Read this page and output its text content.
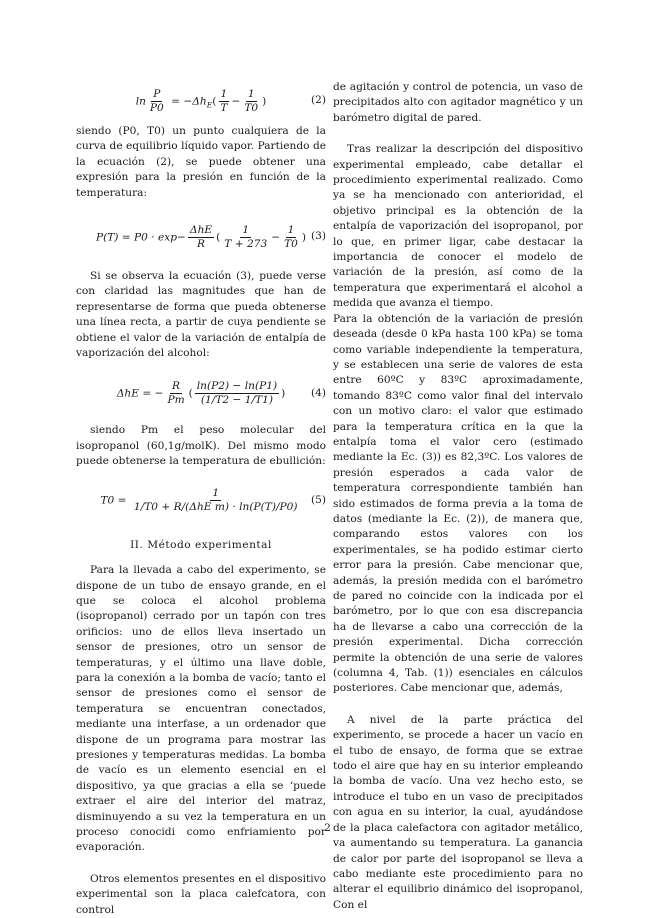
$\ln \frac{P}{P0} = -\Delta h_E( \frac{1}{T} - \frac{1}{T0}$ )	(2)

siendo (P0, T0) un punto cualquiera de la curva de equilibrio líquido vapor. Partiendo de la ecuación (2), se puede obtener una expresión para la presión en función de la temperatura:

$P(T) = P0 \cdot \exp- \frac{\text{ΔhE}}{R}$ ( $\frac{1}{T + 273} - \frac{1}{T0}$ ) (3)

Si se observa la ecuación (3), puede verse con claridad las magnitudes que han de representarse de forma que pueda obtenerse una línea recta, a partir de cuya pendiente se obtiene el valor de la variación de entalpía de vaporización del alcohol:

ΔhE = − $\frac{R}{Pm}$ ( $\frac{\ln(P2) - \ln(P1)}{(1/T2 - 1/T1)}$ ) (4)

siendo Pm el peso molecular del isopropanol (60,1g/molK). Del mismo modo puede obtenerse la temperatura de ebullición:

$T0 = \frac{1}{\text{1/T0 + R/(ΔhE m) · ln(P(T)/P0)}} (5)$

II. Método experimental

Para la llevada a cabo del experimento, se dispone de un tubo de ensayo grande, en el que se coloca el alcohol problema (isopropanol) cerrado por un tapón con tres orificios: uno de ellos lleva insertado un sensor de presiones, otro un sensor de temperaturas, y el último una llave doble, para la conexión a la bomba de vacío; tanto el sensor de presiones como el sensor de temperatura se encuentran conectados, mediante una interfase, a un ordenador que dispone de un programa para mostrar las presiones y temperaturas medidas. La bomba de vacío es un elemento esencial en el dispositivo, ya que gracias a ella se ‘puede extraer el aire del interior del matraz, disminuyendo a su vez la temperatura en un proceso conocidi como enfriamiento por evaporación.

Otros elementos presentes en el dispositivo experimental son la placa calefcatora, con control

de agitación y control de potencia, un vaso de precipitados alto con agitador magnético y un barómetro digital de pared.

Tras realizar la descripción del dispositivo experimental empleado, cabe detallar el procedimiento experimental realizado. Como ya se ha mencionado con anterioridad, el objetivo principal es la obtención de la entalpía de vaporización del isopropanol, por lo que, en primer ligar, cabe destacar la importancia de conocer el modelo de variación de la presión, así como de la temperatura que experimentará el alcohol a medida que avanza el tiempo.

Para la obtención de la variación de presión deseada (desde 0 kPa hasta 100 kPa) se toma como variable independiente la temperatura, y se establecen una serie de valores de esta entre 60ºC y 83ºC aproximadamente, tomando 83ºC como valor final del intervalo con un motivo claro: el valor que estimado para la temperatura crítica en la que la entalpía toma el valor cero (estimado mediante la Ec. (3)) es 82,3ºC. Los valores de presión esperados a cada valor de temperatura correspondiente también han sido estimados de forma previa a la toma de datos (mediante la Ec. (2)), de manera que, comparando estos valores con los experimentales, se ha podido estimar cierto error para la presión. Cabe mencionar que, además, la presión medida con el barómetro de pared no coincide con la indicada por el barómetro, por lo que con esa discrepancia ha de llevarse a cabo una corrección de la presión experimental. Dicha corrección permite la obtención de una serie de valores (columna 4, Tab. (1)) esenciales en cálculos posteriores. Cabe mencionar que, además,

A nivel de la parte práctica del experimento, se procede a hacer un vacío en el tubo de ensayo, de forma que se extrae todo el aire que hay en su interior empleando la bomba de vacío. Una vez hecho esto, se introduce el tubo en un vaso de precipitados con agua en su interior, la cual, ayudándose de la placa calefactora con agitador metálico, va aumentando su temperatura. La ganancia de calor por parte del isopropanol se lleva a cabo mediante este procedimiento para no alterar el equilibrio dinámico del isopropanol, Con el

2
